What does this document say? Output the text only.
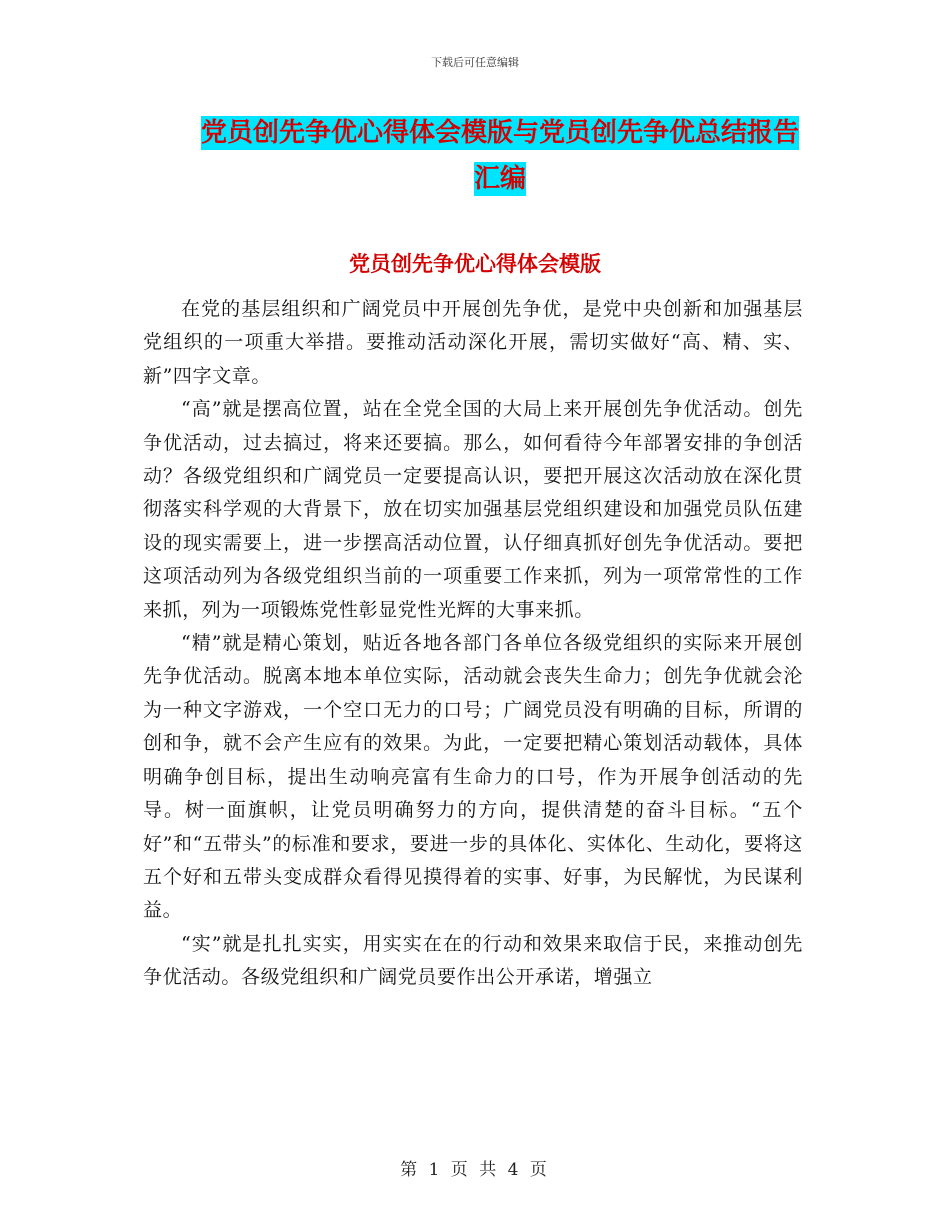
下载后可任意编辑
党员创先争优心得体会模版与党员创先争优总结报告
汇编
党员创先争优心得体会模版

在党的基层组织和广阔党员中开展创先争优，是党中央创新和加强基层党组织的一项重大举措。要推动活动深化开展，需切实做好“高、精、实、新”四字文章。

“高”就是摆高位置，站在全党全国的大局上来开展创先争优活动。创先争优活动，过去搞过，将来还要搞。那么，如何看待今年部署安排的争创活动？各级党组织和广阔党员一定要提高认识，要把开展这次活动放在深化贯彻落实科学观的大背景下，放在切实加强基层党组织建设和加强党员队伍建设的现实需要上，进一步摆高活动位置，认仔细真抓好创先争优活动。要把这项活动列为各级党组织当前的一项重要工作来抓，列为一项常常性的工作来抓，列为一项锻炼党性彰显党性光辉的大事来抓。

“精”就是精心策划，贴近各地各部门各单位各级党组织的实际来开展创先争优活动。脱离本地本单位实际，活动就会丧失生命力；创先争优就会沦为一种文字游戏，一个空口无力的口号；广阔党员没有明确的目标，所谓的创和争，就不会产生应有的效果。为此，一定要把精心策划活动载体，具体明确争创目标，提出生动响亮富有生命力的口号，作为开展争创活动的先导。树一面旗帜，让党员明确努力的方向，提供清楚的奋斗目标。“五个好”和“五带头”的标准和要求，要进一步的具体化、实体化、生动化，要将这五个好和五带头变成群众看得见摸得着的实事、好事，为民解忧，为民谋利益。

“实”就是扎扎实实，用实实在在的行动和效果来取信于民，来推动创先争优活动。各级党组织和广阔党员要作出公开承诺，增强立

第 1 页 共 4 页
